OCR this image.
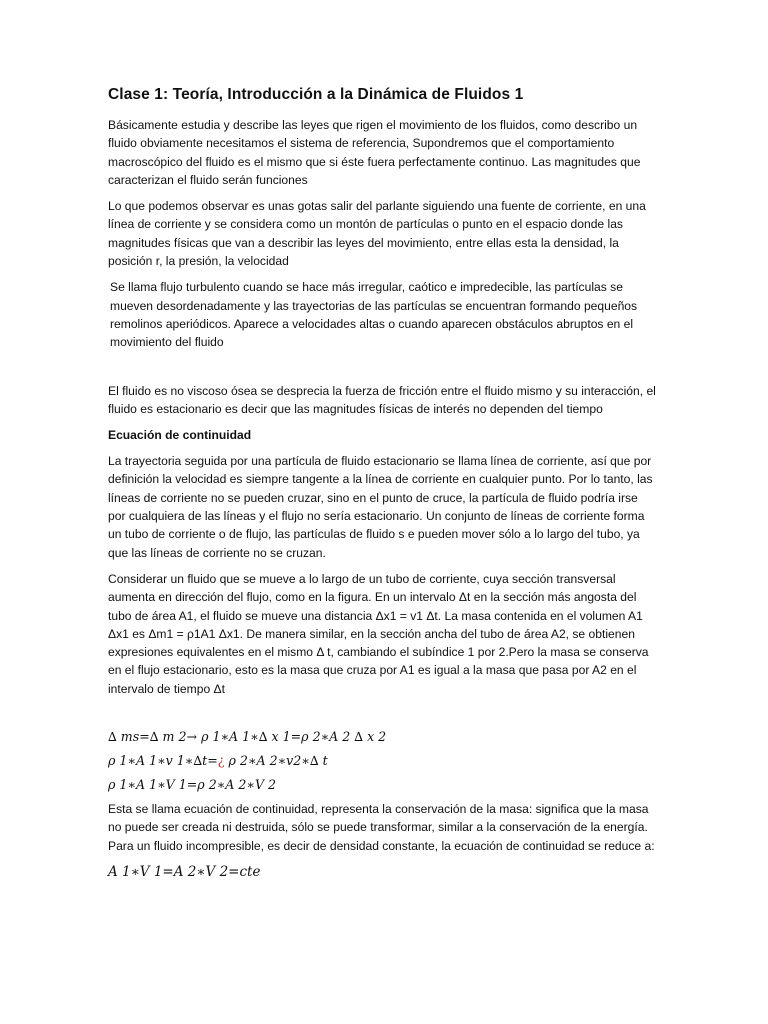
Clase 1: Teoría, Introducción a la Dinámica de Fluidos 1

Básicamente estudia y describe las leyes que rigen el movimiento de los fluidos, como describo un fluido obviamente necesitamos el sistema de referencia, Supondremos que el comportamiento macroscópico del fluido es el mismo que si éste fuera perfectamente continuo. Las magnitudes que caracterizan el fluido serán funciones

Lo que podemos observar es unas gotas salir del parlante siguiendo una fuente de corriente, en una línea de corriente y se considera como un montón de partículas o punto en el espacio donde las magnitudes físicas que van a describir las leyes del movimiento, entre ellas esta la densidad, la posición r, la presión, la velocidad

Se llama flujo turbulento cuando se hace más irregular, caótico e impredecible, las partículas se mueven desordenadamente y las trayectorias de las partículas se encuentran formando pequeños remolinos aperiódicos. Aparece a velocidades altas o cuando aparecen obstáculos abruptos en el movimiento del fluido

El fluido es no viscoso ósea se desprecia la fuerza de fricción entre el fluido mismo y su interacción, el fluido es estacionario es decir que las magnitudes físicas de interés no dependen del tiempo

Ecuación de continuidad

La trayectoria seguida por una partícula de fluido estacionario se llama línea de corriente, así que por definición la velocidad es siempre tangente a la línea de corriente en cualquier punto. Por lo tanto, las líneas de corriente no se pueden cruzar, sino en el punto de cruce, la partícula de fluido podría irse por cualquiera de las líneas y el flujo no sería estacionario. Un conjunto de líneas de corriente forma un tubo de corriente o de flujo, las partículas de fluido s e pueden mover sólo a lo largo del tubo, ya que las líneas de corriente no se cruzan.

Considerar un fluido que se mueve a lo largo de un tubo de corriente, cuya sección transversal aumenta en dirección del flujo, como en la figura. En un intervalo Δt en la sección más angosta del tubo de área A1, el fluido se mueve una distancia Δx1 = v1 Δt. La masa contenida en el volumen A1 Δx1 es Δm1 = ρ1A1 Δx1. De manera similar, en la sección ancha del tubo de área A2, se obtienen expresiones equivalentes en el mismo Δ t, cambiando el subíndice 1 por 2.Pero la masa se conserva en el flujo estacionario, esto es la masa que cruza por A1 es igual a la masa que pasa por A2 en el intervalo de tiempo Δt

∆ ms=∆ m 2→ ρ 1∗A 1∗∆ x 1=ρ 2∗A 2 ∆ x 2
ρ 1∗A 1∗v 1∗∆t=¿ ρ 2∗A 2∗v2∗∆ t
ρ 1∗A 1∗V 1=ρ 2∗A 2∗V 2

Esta se llama ecuación de continuidad, representa la conservación de la masa: significa que la masa no puede ser creada ni destruida, sólo se puede transformar, similar a la conservación de la energía. Para un fluido incompresible, es decir de densidad constante, la ecuación de continuidad se reduce a:

A 1∗V 1=A 2∗V 2=cte
